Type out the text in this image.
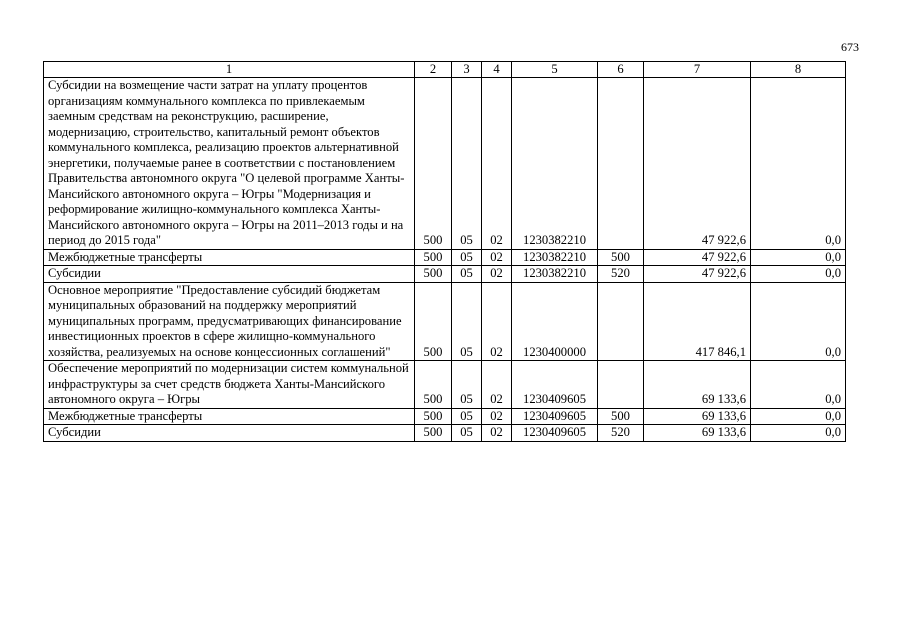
673
1	2	3	4	5	6	7	8
Субсидии на возмещение части затрат на уплату процентов организациям коммунального комплекса по привлекаемым заемным средствам на реконструкцию, расширение, модернизацию, строительство, капитальный ремонт объектов коммунального комплекса, реализацию проектов альтернативной энергетики, получаемые ранее в соответствии с постановлением Правительства автономного округа "О целевой программе Ханты-Мансийского автономного округа – Югры "Модернизация и реформирование жилищно-коммунального комплекса Ханты-Мансийского автономного округа – Югры на 2011–2013 годы и на период до 2015 года"	500	05	02	1230382210		47 922,6	0,0
Межбюджетные трансферты	500	05	02	1230382210	500	47 922,6	0,0
Субсидии	500	05	02	1230382210	520	47 922,6	0,0
Основное мероприятие "Предоставление субсидий бюджетам муниципальных образований на поддержку мероприятий муниципальных программ, предусматривающих финансирование инвестиционных проектов в сфере жилищно-коммунального хозяйства, реализуемых на основе концессионных соглашений"	500	05	02	1230400000		417 846,1	0,0
Обеспечение мероприятий по модернизации систем коммунальной инфраструктуры за счет средств бюджета Ханты-Мансийского автономного округа – Югры	500	05	02	1230409605		69 133,6	0,0
Межбюджетные трансферты	500	05	02	1230409605	500	69 133,6	0,0
Субсидии	500	05	02	1230409605	520	69 133,6	0,0
